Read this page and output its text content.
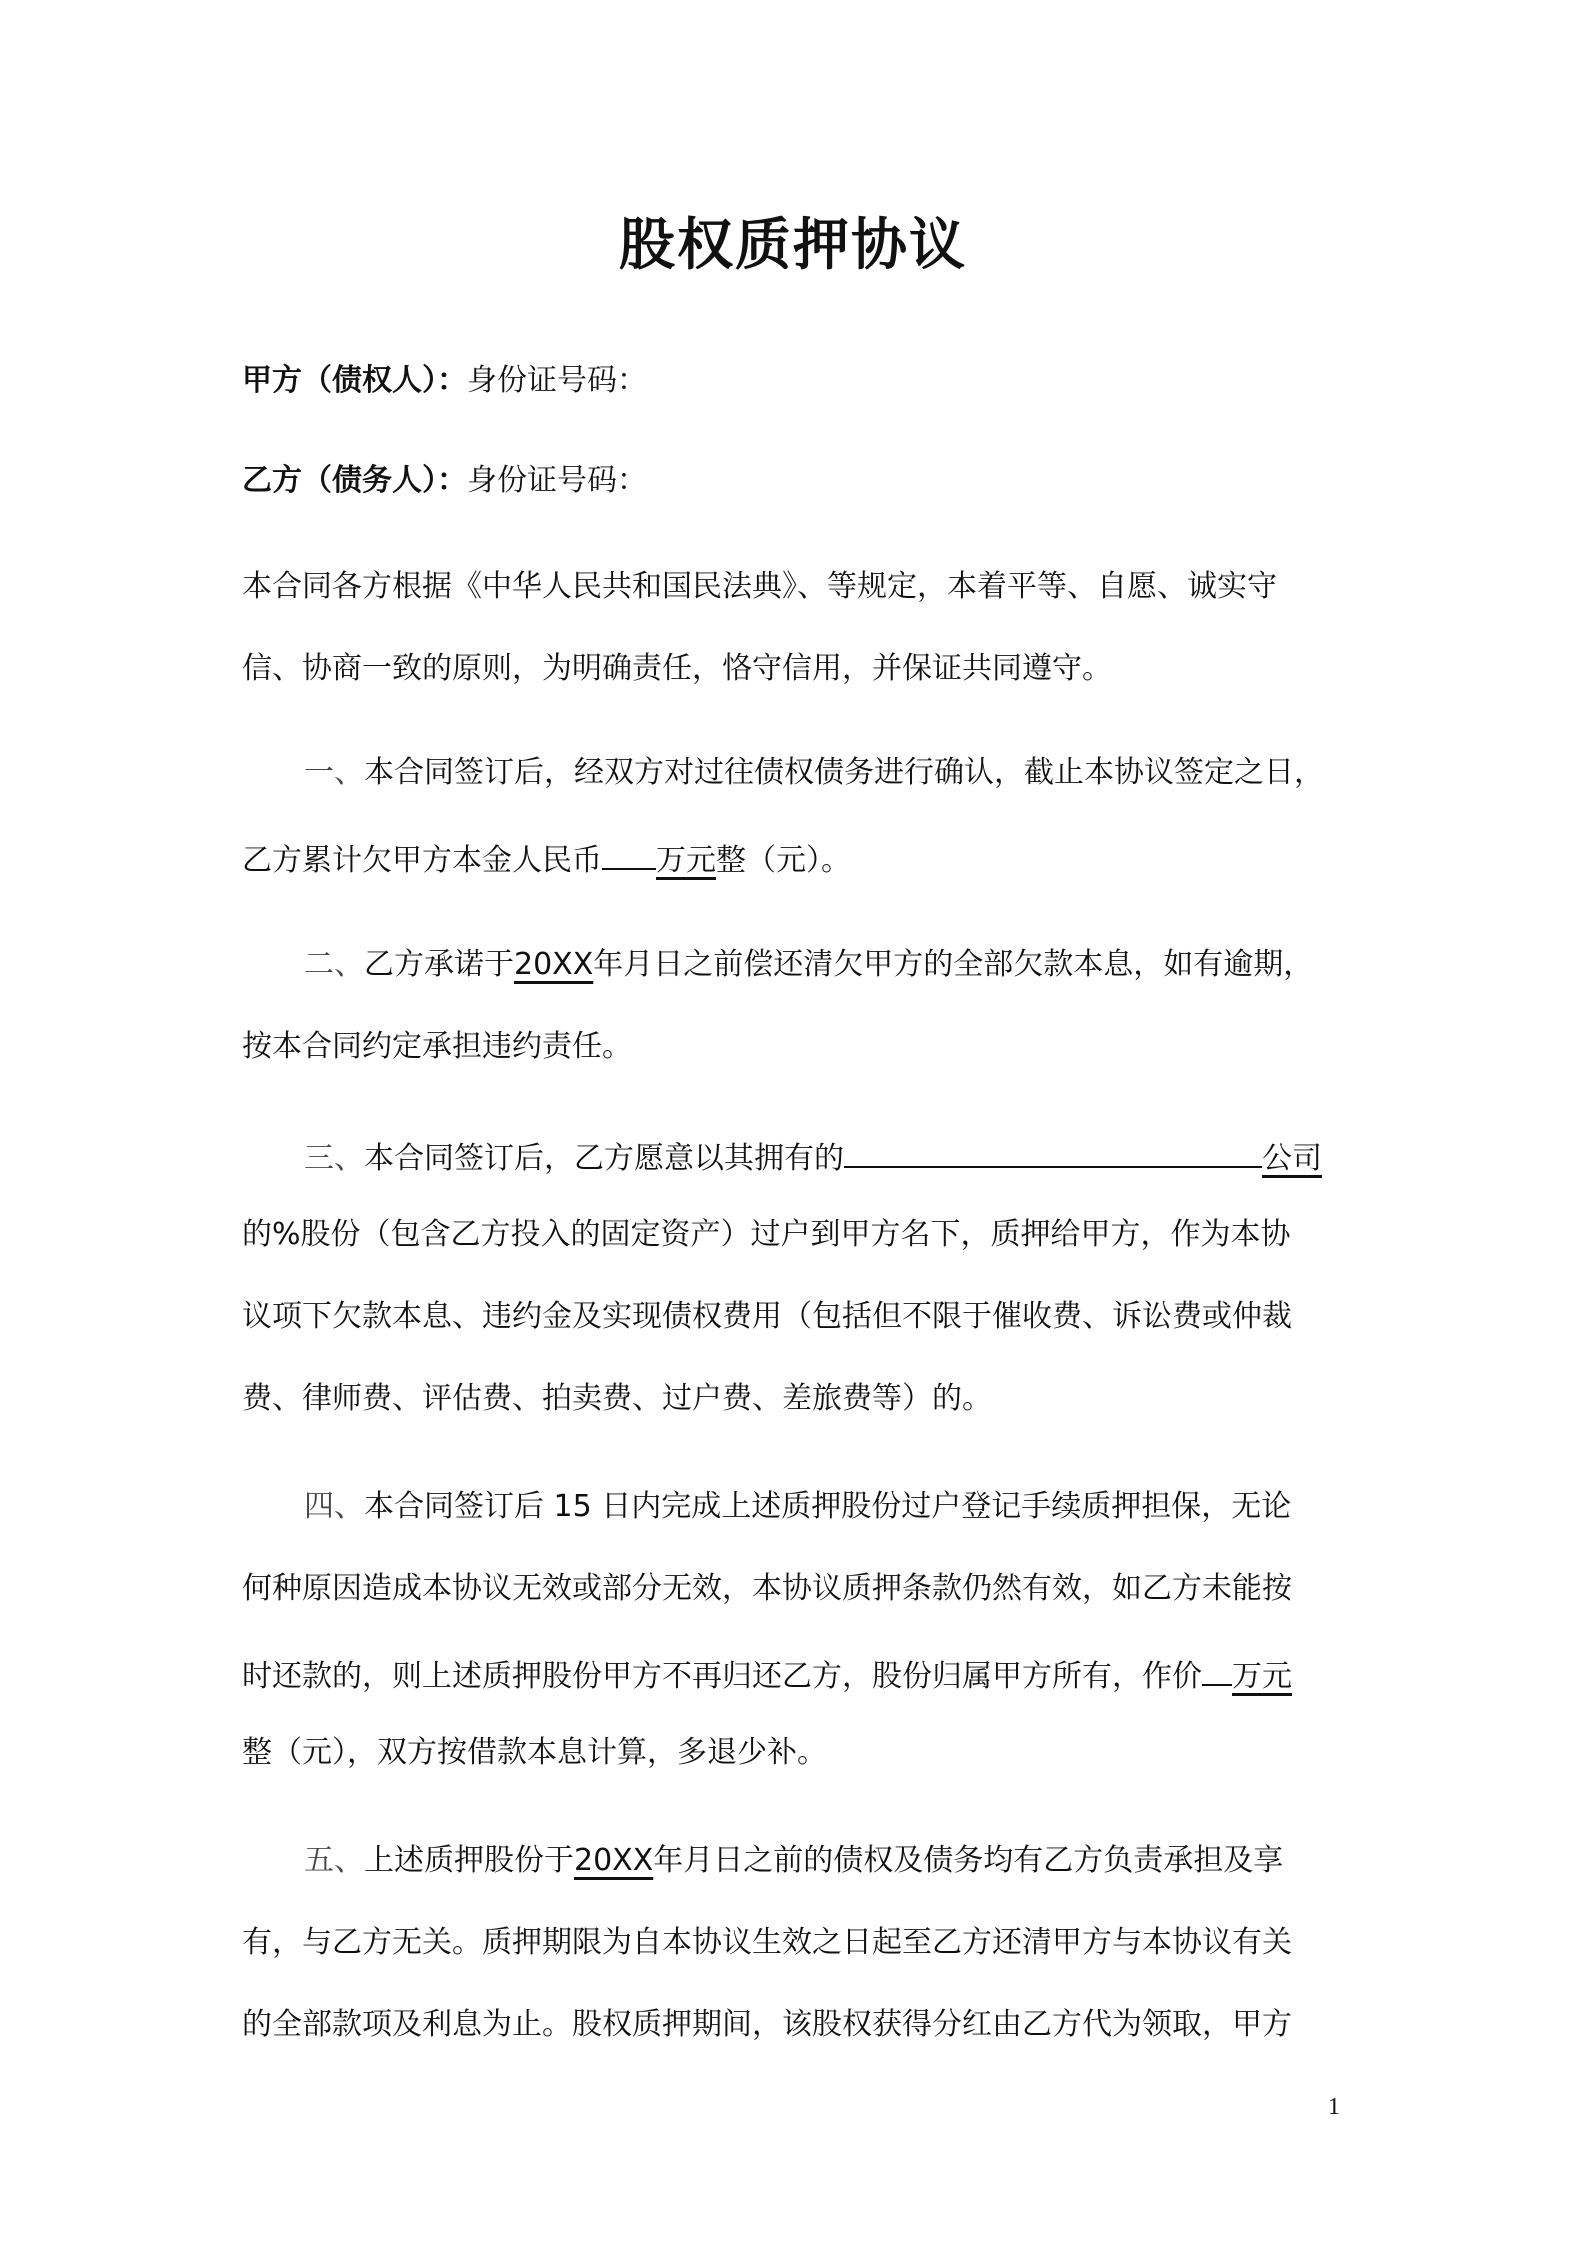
股权质押协议
甲方（债权人）：身份证号码：
乙方（债务人）：身份证号码：
本合同各方根据《中华人民共和国民法典》、等规定，本着平等、自愿、诚实守
信、协商一致的原则，为明确责任，恪守信用，并保证共同遵守。
一、本合同签订后，经双方对过往债权债务进行确认，截止本协议签定之日，
乙方累计欠甲方本金人民币 万元整（元）。
二、乙方承诺于20XX年月日之前偿还清欠甲方的全部欠款本息，如有逾期，
按本合同约定承担违约责任。
三、本合同签订后，乙方愿意以其拥有的	公司
的%股份（包含乙方投入的固定资产）过户到甲方名下，质押给甲方，作为本协
议项下欠款本息、违约金及实现债权费用（包括但不限于催收费、诉讼费或仲裁
费、律师费、评估费、拍卖费、过户费、差旅费等）的。
四、本合同签订后 15 日内完成上述质押股份过户登记手续质押担保，无论
何种原因造成本协议无效或部分无效，本协议质押条款仍然有效，如乙方未能按
时还款的，则上述质押股份甲方不再归还乙方，股份归属甲方所有，作价 万元
整（元），双方按借款本息计算，多退少补。
五、上述质押股份于20XX年月日之前的债权及债务均有乙方负责承担及享
有，与乙方无关。质押期限为自本协议生效之日起至乙方还清甲方与本协议有关
的全部款项及利息为止。股权质押期间，该股权获得分红由乙方代为领取，甲方
1
